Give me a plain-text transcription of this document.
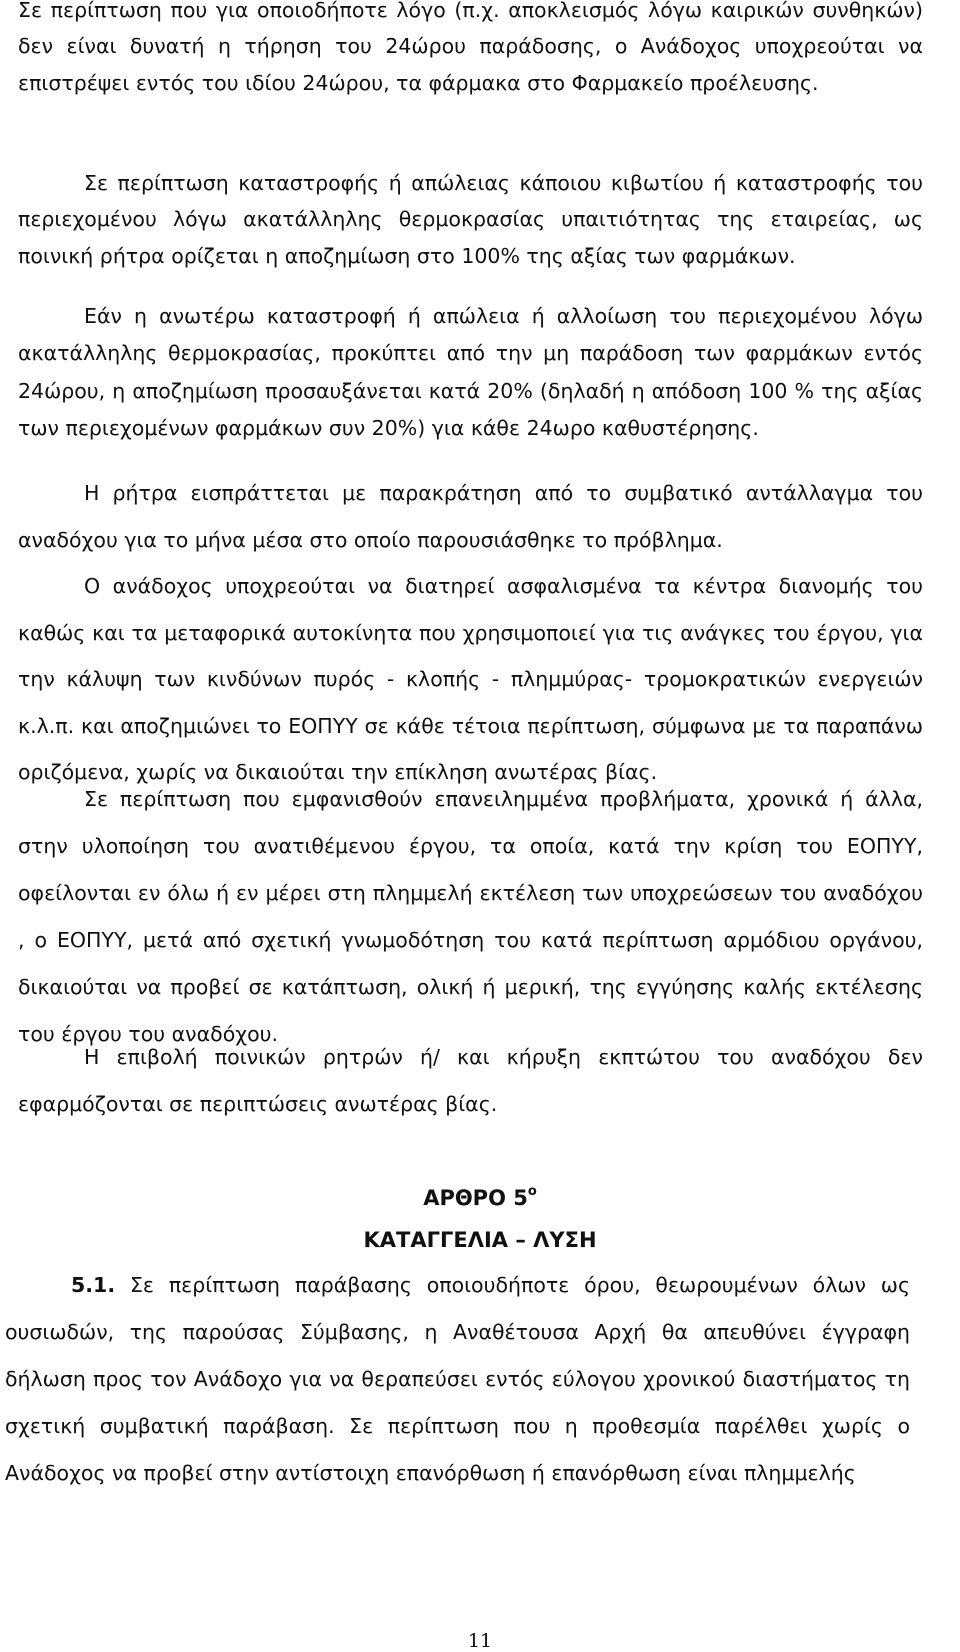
Σε περίπτωση που για οποιοδήποτε λόγο (π.χ. αποκλεισμός λόγω καιρικών συνθηκών) δεν είναι δυνατή η τήρηση του 24ώρου παράδοσης, ο Ανάδοχος υποχρεούται να επιστρέψει εντός του ιδίου 24ώρου, τα φάρμακα στο Φαρμακείο προέλευσης.

Σε περίπτωση καταστροφής ή απώλειας κάποιου κιβωτίου ή καταστροφής του περιεχομένου λόγω ακατάλληλης θερμοκρασίας υπαιτιότητας της εταιρείας, ως ποινική ρήτρα ορίζεται η αποζημίωση στο 100% της αξίας των φαρμάκων.

Εάν η ανωτέρω καταστροφή ή απώλεια ή αλλοίωση του περιεχομένου λόγω ακατάλληλης θερμοκρασίας, προκύπτει από την μη παράδοση των φαρμάκων εντός 24ώρου, η αποζημίωση προσαυξάνεται κατά 20% (δηλαδή η απόδοση 100 % της αξίας των περιεχομένων φαρμάκων συν 20%) για κάθε 24ωρο καθυστέρησης.

Η ρήτρα εισπράττεται με παρακράτηση από το συμβατικό αντάλλαγμα του αναδόχου για το μήνα μέσα στο οποίο παρουσιάσθηκε το πρόβλημα.

Ο ανάδοχος υποχρεούται να διατηρεί ασφαλισμένα τα κέντρα διανομής του καθώς και τα μεταφορικά αυτοκίνητα που χρησιμοποιεί για τις ανάγκες του έργου, για την κάλυψη των κινδύνων πυρός - κλοπής - πλημμύρας- τρομοκρατικών ενεργειών κ.λ.π. και αποζημιώνει το ΕΟΠΥΥ σε κάθε τέτοια περίπτωση, σύμφωνα με τα παραπάνω οριζόμενα, χωρίς να δικαιούται την επίκληση ανωτέρας βίας.

Σε περίπτωση που εμφανισθούν επανειλημμένα προβλήματα, χρονικά ή άλλα, στην υλοποίηση του ανατιθέμενου έργου, τα οποία, κατά την κρίση του ΕΟΠΥΥ, οφείλονται εν όλω ή εν μέρει στη πλημμελή εκτέλεση των υποχρεώσεων του αναδόχου , ο ΕΟΠΥΥ, μετά από σχετική γνωμοδότηση του κατά περίπτωση αρμόδιου οργάνου, δικαιούται να προβεί σε κατάπτωση, ολική ή μερική, της εγγύησης καλής εκτέλεσης του έργου του αναδόχου.

Η επιβολή ποινικών ρητρών ή/ και κήρυξη εκπτώτου του αναδόχου δεν εφαρμόζονται σε περιπτώσεις ανωτέρας βίας.

ΑΡΘΡΟ $5^o$

ΚΑΤΑΓΓΕΛΙΑ – ΛΥΣΗ

5.1. Σε περίπτωση παράβασης οποιουδήποτε όρου, θεωρουμένων όλων ως ουσιωδών, της παρούσας Σύμβασης, η Αναθέτουσα Αρχή θα απευθύνει έγγραφη δήλωση προς τον Ανάδοχο για να θεραπεύσει εντός εύλογου χρονικού διαστήματος τη σχετική συμβατική παράβαση. Σε περίπτωση που η προθεσμία παρέλθει χωρίς ο Ανάδοχος να προβεί στην αντίστοιχη επανόρθωση ή επανόρθωση είναι πλημμελής

11
